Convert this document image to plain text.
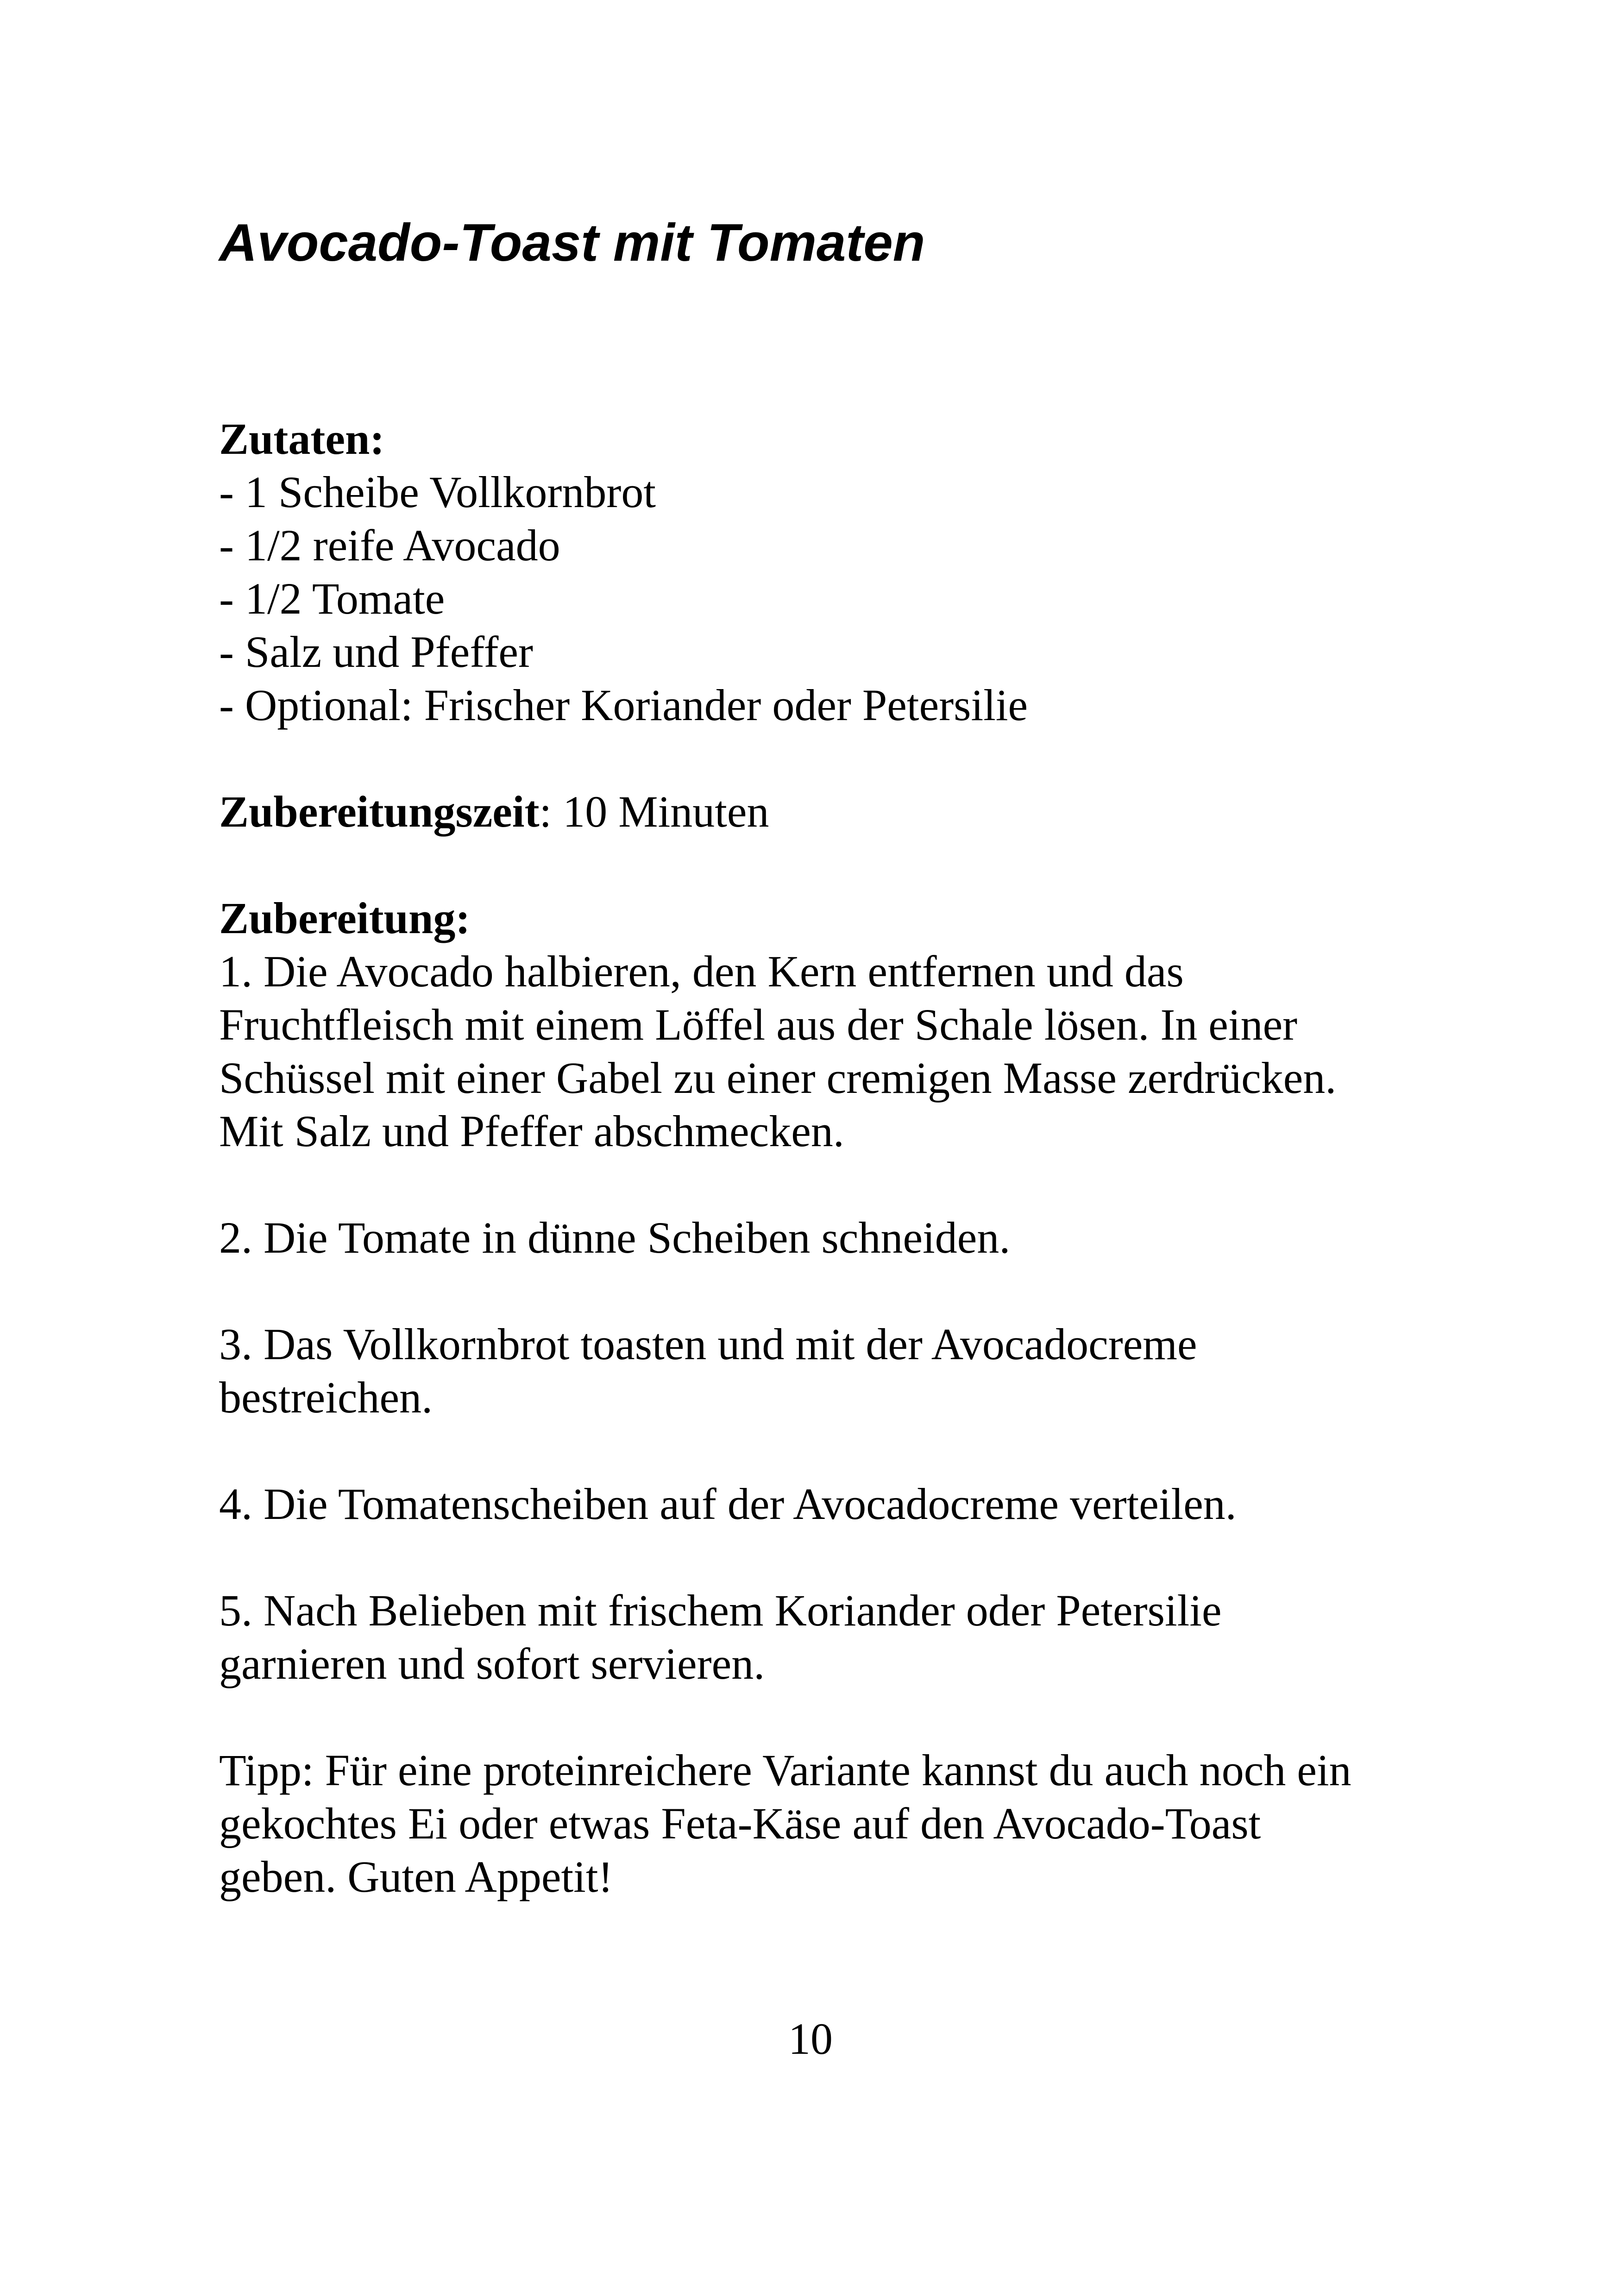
Avocado-Toast mit Tomaten
Zutaten:
- 1 Scheibe Vollkornbrot
- 1/2 reife Avocado
- 1/2 Tomate
- Salz und Pfeffer
- Optional: Frischer Koriander oder Petersilie
Zubereitungszeit: 10 Minuten
Zubereitung:
1. Die Avocado halbieren, den Kern entfernen und das
Fruchtfleisch mit einem Löffel aus der Schale lösen. In einer
Schüssel mit einer Gabel zu einer cremigen Masse zerdrücken.
Mit Salz und Pfeffer abschmecken.
2. Die Tomate in dünne Scheiben schneiden.
3. Das Vollkornbrot toasten und mit der Avocadocreme
bestreichen.
4. Die Tomatenscheiben auf der Avocadocreme verteilen.
5. Nach Belieben mit frischem Koriander oder Petersilie
garnieren und sofort servieren.
Tipp: Für eine proteinreichere Variante kannst du auch noch ein
gekochtes Ei oder etwas Feta-Käse auf den Avocado-Toast
geben. Guten Appetit!
10
